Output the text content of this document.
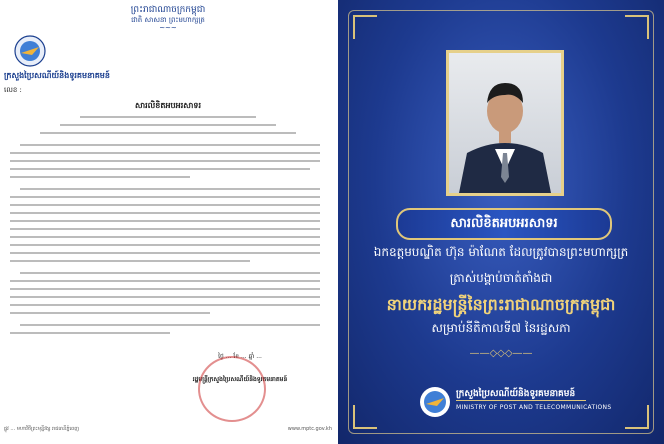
ព្រះរាជាណាចក្រកម្ពុជា
ជាតិ សាសនា ព្រះមហាក្សត្រ
~~~
ក្រសួងប្រៃសណីយ៍និងទូរគមនាគមន៍
លេខ :
សារលិខិតអបអរសាទរ
ថ្ងៃ ... ខែ ... ឆ្នាំ ...
រដ្ឋមន្ត្រីក្រសួងប្រៃសណីយ៍និងទូរគមនាគមន៍
ផ្លូវ ... មហាវិថីព្រះមុន្នីវង្ស រាជធានីភ្នំពេញ	www.mptc.gov.kh
សារលិខិតអបអរសាទរ
ឯកឧត្តមបណ្ឌិត ហ៊ុន ម៉ាណែត ដែលត្រូវបានព្រះមហាក្សត្រ
ត្រាស់បង្គាប់ចាត់តាំងជា
នាយករដ្ឋមន្ត្រីនៃព្រះរាជាណាចក្រកម្ពុជា
សម្រាប់នីតិកាលទី៧ នៃរដ្ឋសភា
——◇◇◇——
ក្រសួងប្រៃសណីយ៍និងទូរគមនាគមន៍
MINISTRY OF POST AND TELECOMMUNICATIONS
